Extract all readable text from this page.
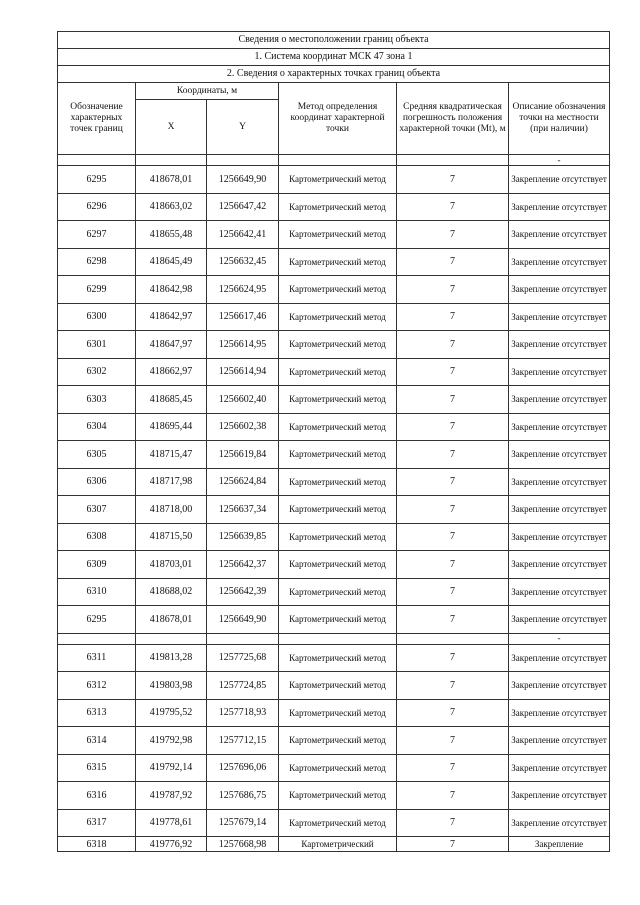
Сведения о местоположении границ объекта					
1. Система координат МСК 47 зона 1					
2. Сведения о характерных точках границ объекта					
Обозначение характерных точек границ	Координаты, м		Метод определения координат характерной точки	Средняя квадратическая погрешность положения характерной точки (Mt), м	Описание обозначения точки на местности (при наличии)
	X	Y			
					-
6295	418678,01	1256649,90	Картометрический метод	7	Закрепление отсутствует
6296	418663,02	1256647,42	Картометрический метод	7	Закрепление отсутствует
6297	418655,48	1256642,41	Картометрический метод	7	Закрепление отсутствует
6298	418645,49	1256632,45	Картометрический метод	7	Закрепление отсутствует
6299	418642,98	1256624,95	Картометрический метод	7	Закрепление отсутствует
6300	418642,97	1256617,46	Картометрический метод	7	Закрепление отсутствует
6301	418647,97	1256614,95	Картометрический метод	7	Закрепление отсутствует
6302	418662,97	1256614,94	Картометрический метод	7	Закрепление отсутствует
6303	418685,45	1256602,40	Картометрический метод	7	Закрепление отсутствует
6304	418695,44	1256602,38	Картометрический метод	7	Закрепление отсутствует
6305	418715,47	1256619,84	Картометрический метод	7	Закрепление отсутствует
6306	418717,98	1256624,84	Картометрический метод	7	Закрепление отсутствует
6307	418718,00	1256637,34	Картометрический метод	7	Закрепление отсутствует
6308	418715,50	1256639,85	Картометрический метод	7	Закрепление отсутствует
6309	418703,01	1256642,37	Картометрический метод	7	Закрепление отсутствует
6310	418688,02	1256642,39	Картометрический метод	7	Закрепление отсутствует
6295	418678,01	1256649,90	Картометрический метод	7	Закрепление отсутствует
					-
6311	419813,28	1257725,68	Картометрический метод	7	Закрепление отсутствует
6312	419803,98	1257724,85	Картометрический метод	7	Закрепление отсутствует
6313	419795,52	1257718,93	Картометрический метод	7	Закрепление отсутствует
6314	419792,98	1257712,15	Картометрический метод	7	Закрепление отсутствует
6315	419792,14	1257696,06	Картометрический метод	7	Закрепление отсутствует
6316	419787,92	1257686,75	Картометрический метод	7	Закрепление отсутствует
6317	419778,61	1257679,14	Картометрический метод	7	Закрепление отсутствует
6318	419776,92	1257668,98	Картометрический	7	Закрепление
